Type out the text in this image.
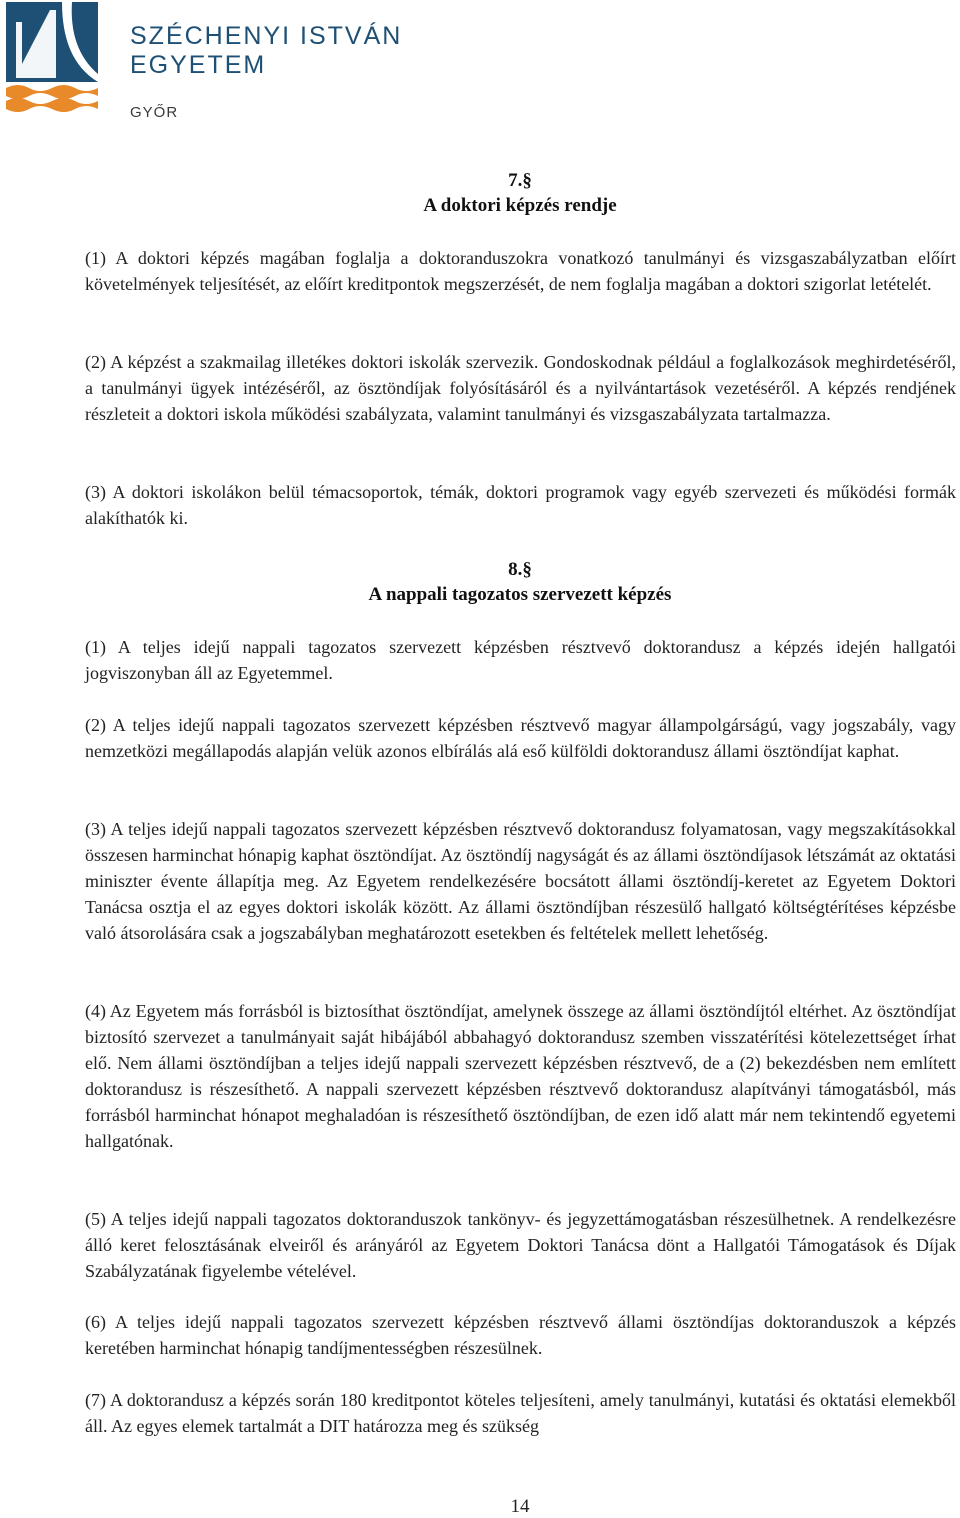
SZÉCHENYI ISTVÁN
EGYETEM
GYŐR
7.§
A doktori képzés rendje

(1) A doktori képzés magában foglalja a doktoranduszokra vonatkozó tanulmányi és vizsgaszabályzatban előírt követelmények teljesítését, az előírt kreditpontok megszerzését, de nem foglalja magában a doktori szigorlat letételét.

(2) A képzést a szakmailag illetékes doktori iskolák szervezik. Gondoskodnak például a foglalkozások meghirdetéséről, a tanulmányi ügyek intézéséről, az ösztöndíjak folyósításáról és a nyilvántartások vezetéséről. A képzés rendjének részleteit a doktori iskola működési szabályzata, valamint tanulmányi és vizsgaszabályzata tartalmazza.

(3) A doktori iskolákon belül témacsoportok, témák, doktori programok vagy egyéb szervezeti és működési formák alakíthatók ki.

8.§
A nappali tagozatos szervezett képzés

(1) A teljes idejű nappali tagozatos szervezett képzésben résztvevő doktorandusz a képzés idején hallgatói jogviszonyban áll az Egyetemmel.

(2) A teljes idejű nappali tagozatos szervezett képzésben résztvevő magyar állampolgárságú, vagy jogszabály, vagy nemzetközi megállapodás alapján velük azonos elbírálás alá eső külföldi doktorandusz állami ösztöndíjat kaphat.

(3) A teljes idejű nappali tagozatos szervezett képzésben résztvevő doktorandusz folyamatosan, vagy megszakításokkal összesen harminchat hónapig kaphat ösztöndíjat. Az ösztöndíj nagyságát és az állami ösztöndíjasok létszámát az oktatási miniszter évente állapítja meg. Az Egyetem rendelkezésére bocsátott állami ösztöndíj-keretet az Egyetem Doktori Tanácsa osztja el az egyes doktori iskolák között. Az állami ösztöndíjban részesülő hallgató költségtérítéses képzésbe való átsorolására csak a jogszabályban meghatározott esetekben és feltételek mellett lehetőség.

(4) Az Egyetem más forrásból is biztosíthat ösztöndíjat, amelynek összege az állami ösztöndíjtól eltérhet. Az ösztöndíjat biztosító szervezet a tanulmányait saját hibájából abbahagyó doktorandusz szemben visszatérítési kötelezettséget írhat elő. Nem állami ösztöndíjban a teljes idejű nappali szervezett képzésben résztvevő, de a (2) bekezdésben nem említett doktorandusz is részesíthető. A nappali szervezett képzésben résztvevő doktorandusz alapítványi támogatásból, más forrásból harminchat hónapot meghaladóan is részesíthető ösztöndíjban, de ezen idő alatt már nem tekintendő egyetemi hallgatónak.

(5) A teljes idejű nappali tagozatos doktoranduszok tankönyv- és jegyzettámogatásban részesülhetnek. A rendelkezésre álló keret felosztásának elveiről és arányáról az Egyetem Doktori Tanácsa dönt a Hallgatói Támogatások és Díjak Szabályzatának figyelembe vételével.

(6) A teljes idejű nappali tagozatos szervezett képzésben résztvevő állami ösztöndíjas doktoranduszok a képzés keretében harminchat hónapig tandíjmentességben részesülnek.

(7) A doktorandusz a képzés során 180 kreditpontot köteles teljesíteni, amely tanulmányi, kutatási és oktatási elemekből áll. Az egyes elemek tartalmát a DIT határozza meg és szükség

14
